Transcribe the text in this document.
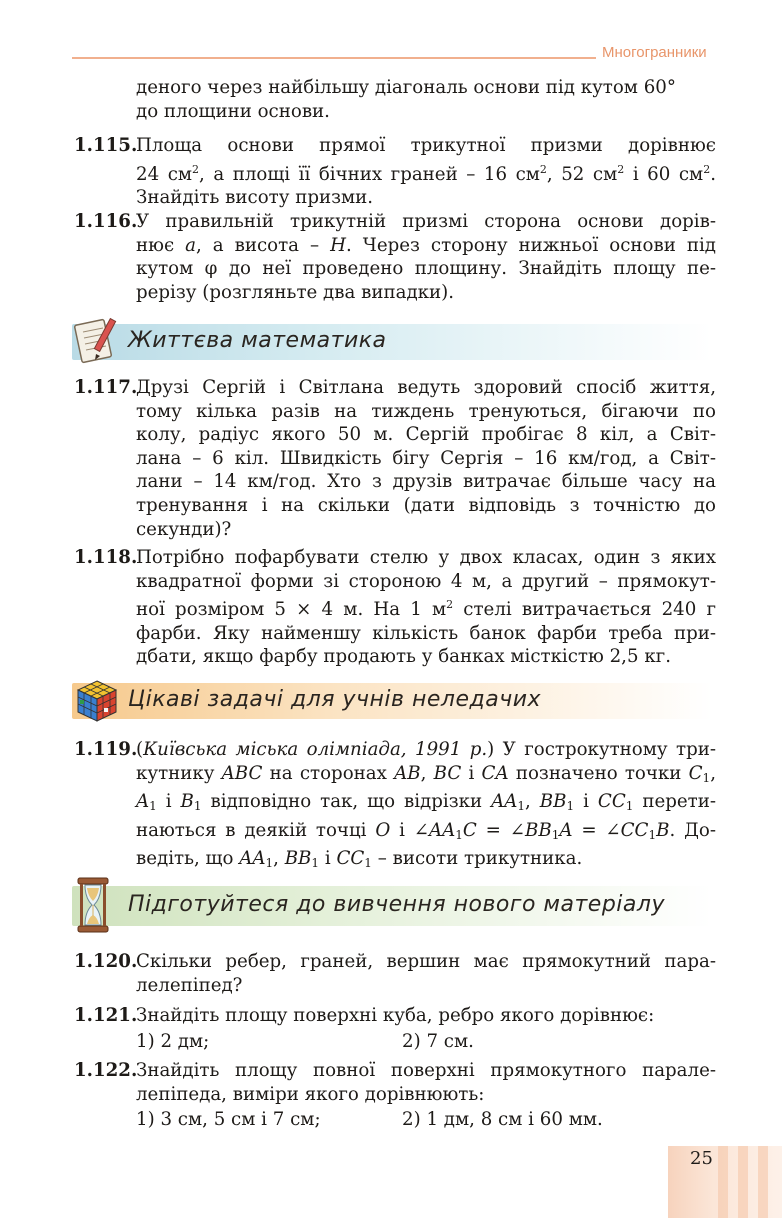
Многогранники
деного через найбільшу діагональ основи під кутом 60°
до площини основи.
1.115.
Площа основи прямої трикутної призми дорівнює
24 $см^2$, а площі її бічних граней – 16 $см^2$, 52 $см^2$ і 60 $см^2$.
Знайдіть висоту призми.
1.116.
У правильній трикутній призмі сторона основи дорів-
нює a, а висота – H. Через сторону нижньої основи під
кутом φ до неї проведено площину. Знайдіть площу пе-
рерізу (розгляньте два випадки).
Життєва математика
1.117.
Друзі Сергій і Світлана ведуть здоровий спосіб життя,
тому кілька разів на тиждень тренуються, бігаючи по
колу, радіус якого 50 м. Сергій пробігає 8 кіл, а Світ-
лана – 6 кіл. Швидкість бігу Сергія – 16 км/год, а Світ-
лани – 14 км/год. Хто з друзів витрачає більше часу на
тренування і на скільки (дати відповідь з точністю до
секунди)?
1.118.
Потрібно пофарбувати стелю у двох класах, один з яких
квадратної форми зі стороною 4 м, а другий – прямокут-
ної розміром 5 × 4 м. На 1 $м^2$ стелі витрачається 240 г
фарби. Яку найменшу кількість банок фарби треба при-
дбати, якщо фарбу продають у банках місткістю 2,5 кг.
Цікаві задачі для учнів неледачих
1.119.
(Київська міська олімпіада, 1991 р.) У гострокутному три-
кутнику ABC на сторонах AB, BC і CA позначено точки $C_1$,
$A_1$ і $B_1$ відповідно так, що відрізки $AA_1$, $BB_1$ і $CC_1$ перети-
наються в деякій точці O і $\angle AA_1C$ = $\angle BB_1A$ = $\angle CC_1B$. До-
ведіть, що $AA_1$, $BB_1$ і $CC_1$ – висоти трикутника.
Підготуйтеся до вивчення нового матеріалу
1.120.
Скільки ребер, граней, вершин має прямокутний пара-
лелепіпед?
1.121.
Знайдіть площу поверхні куба, ребро якого дорівнює:
1) 2 дм;	2) 7 см.
1.122.
Знайдіть площу повної поверхні прямокутного парале-
лепіпеда, виміри якого дорівнюють:
1) 3 см, 5 см і 7 см;	2) 1 дм, 8 см і 60 мм.
25
